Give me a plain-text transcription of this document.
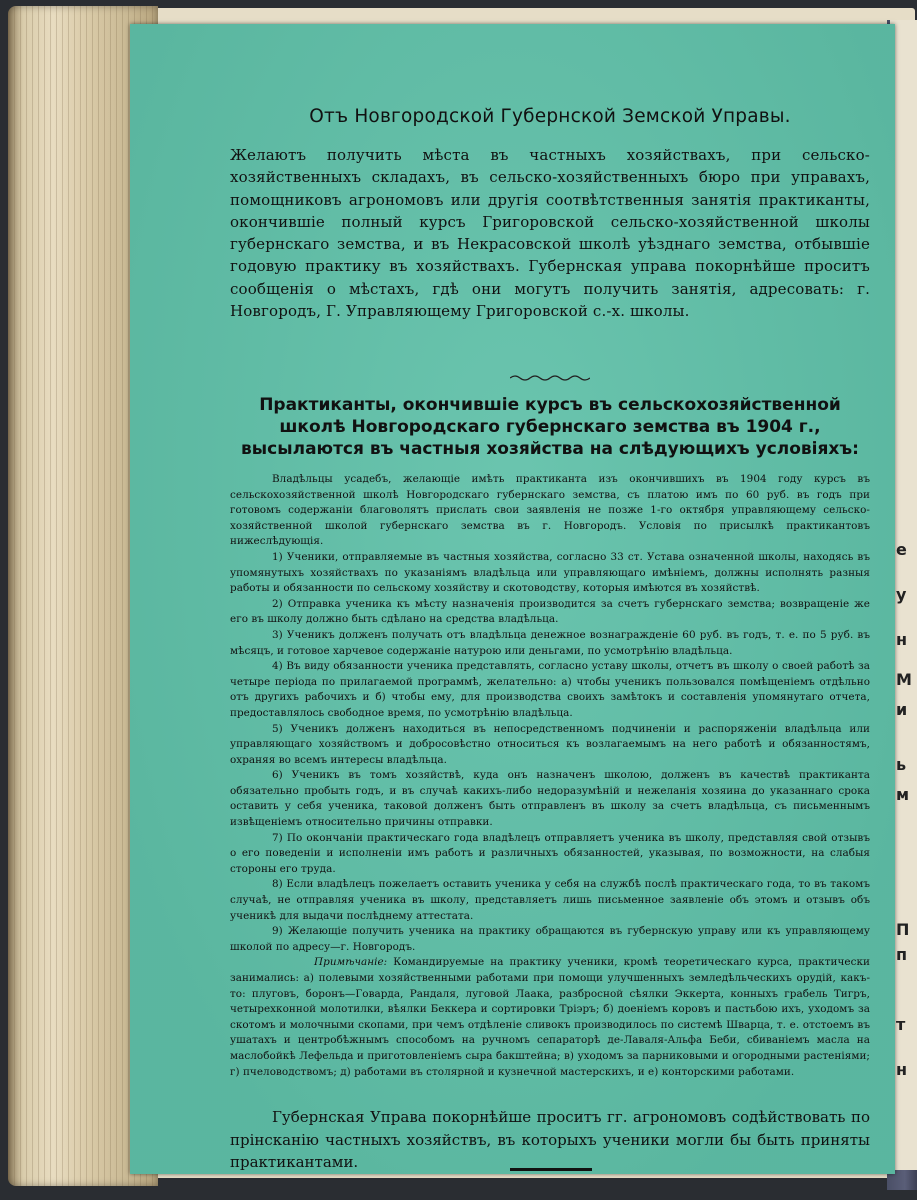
е
у
н
М
и
ь
м
П
п
т
н
Отъ Новгородской Губернской Земской Управы.
Желаютъ получить мѣста въ частныхъ хозяйствахъ, при сельско-хозяйственныхъ складахъ, въ сельско-хозяйственныхъ бюро при управахъ, помощниковъ агрономовъ или другія соотвѣтственныя занятія практиканты, окончившіе полный курсъ Григоровской сельско-хозяйственной школы губернскаго земства, и въ Некрасовской школѣ уѣзднаго земства, отбывшіе годовую практику въ хозяйствахъ. Губернская управа покорнѣйше проситъ сообщенія о мѣстахъ, гдѣ они могутъ получить занятія, адресовать: г. Новгородъ, Г. Управляющему Григоровской с.-х. школы.
Практиканты, окончившіе курсъ въ сельскохозяйственной школѣ Новгородскаго губернскаго земства въ 1904 г., высылаются въ частныя хозяйства на слѣдующихъ условіяхъ:

Владѣльцы усадебъ, желающіе имѣть практиканта изъ окончившихъ въ 1904 году курсъ въ сельскохозяйственной школѣ Новгородскаго губернскаго земства, съ платою имъ по 60 руб. въ годъ при готовомъ содержаніи благоволятъ прислать свои заявленія не позже 1-го октября управляющему сельско-хозяйственной школой губернскаго земства въ г. Новгородъ. Условія по присылкѣ практикантовъ нижеслѣдующія.

1) Ученики, отправляемые въ частныя хозяйства, согласно 33 ст. Устава означенной школы, находясь въ упомянутыхъ хозяйствахъ по указаніямъ владѣльца или управляющаго имѣніемъ, должны исполнять разныя работы и обязанности по сельскому хозяйству и скотоводству, которыя имѣются въ хозяйствѣ.

2) Отправка ученика къ мѣсту назначенія производится за счетъ губернскаго земства; возвращеніе же его въ школу должно быть сдѣлано на средства владѣльца.

3) Ученикъ долженъ получать отъ владѣльца денежное вознагражденіе 60 руб. въ годъ, т. е. по 5 руб. въ мѣсяцъ, и готовое харчевое содержаніе натурою или деньгами, по усмотрѣнію владѣльца.

4) Въ виду обязанности ученика представлять, согласно уставу школы, отчетъ въ школу о своей работѣ за четыре періода по прилагаемой программѣ, желательно: а) чтобы ученикъ пользовался помѣщеніемъ отдѣльно отъ другихъ рабочихъ и б) чтобы ему, для производства своихъ замѣтокъ и составленія упомянутаго отчета, предоставлялось свободное время, по усмотрѣнію владѣльца.

5) Ученикъ долженъ находиться въ непосредственномъ подчиненіи и распоряженіи владѣльца или управляющаго хозяйствомъ и добросовѣстно относиться къ возлагаемымъ на него работѣ и обязанностямъ, охраняя во всемъ интересы владѣльца.

6) Ученикъ въ томъ хозяйствѣ, куда онъ назначенъ школою, долженъ въ качествѣ практиканта обязательно пробыть годъ, и въ случаѣ какихъ-либо недоразумѣній и нежеланія хозяина до указаннаго срока оставить у себя ученика, таковой долженъ быть отправленъ въ школу за счетъ владѣльца, съ письменнымъ извѣщеніемъ относительно причины отправки.

7) По окончаніи практическаго года владѣлецъ отправляетъ ученика въ школу, представляя свой отзывъ о его поведеніи и исполненіи имъ работъ и различныхъ обязанностей, указывая, по возможности, на слабыя стороны его труда.

8) Если владѣлецъ пожелаетъ оставить ученика у себя на службѣ послѣ практическаго года, то въ такомъ случаѣ, не отправляя ученика въ школу, представляетъ лишь письменное заявленіе объ этомъ и отзывъ объ ученикѣ для выдачи послѣднему аттестата.

9) Желающіе получить ученика на практику обращаются въ губернскую управу или къ управляющему школой по адресу—г. Новгородъ.

Примѣчаніе: Командируемые на практику ученики, кромѣ теоретическаго курса, практически занимались: а) полевыми хозяйственными работами при помощи улучшенныхъ земледѣльческихъ орудій, какъ-то: плуговъ, боронъ—Говарда, Рандаля, луговой Лаака, разбросной сѣялки Эккерта, конныхъ грабель Тигръ, четырехконной молотилки, вѣялки Беккера и сортировки Тріэръ; б) доеніемъ коровъ и пастьбою ихъ, уходомъ за скотомъ и молочными скопами, при чемъ отдѣленіе сливокъ производилось по системѣ Шварца, т. е. отстоемъ въ ушатахъ и центробѣжнымъ способомъ на ручномъ сепараторѣ де-Лаваля-Альфа Беби, сбиваніемъ масла на маслобойкѣ Лефельда и приготовленіемъ сыра бакштейна; в) уходомъ за парниковыми и огородными растеніями; г) пчеловодствомъ; д) работами въ столярной и кузнечной мастерскихъ, и е) конторскими работами.

Губернская Управа покорнѣйше проситъ гг. агрономовъ содѣйствовать по прінсканію частныхъ хозяйствъ, въ которыхъ ученики могли бы быть приняты практикантами.
